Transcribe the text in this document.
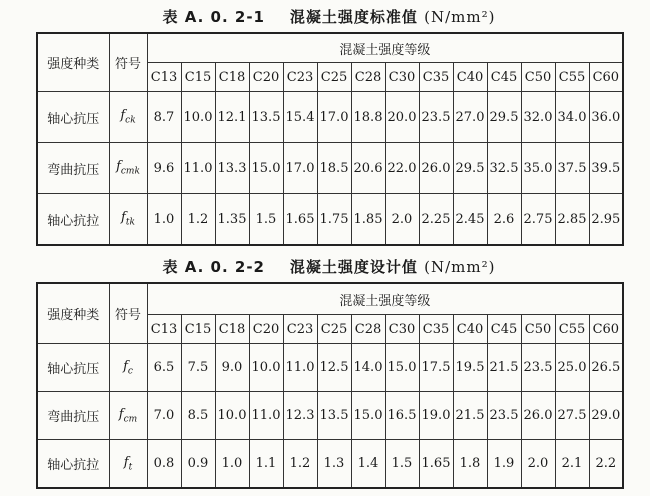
表 A. 0. 2-1 混凝土强度标准值 (N/mm²)
强度种类	符号	混凝土强度等级													
		C13	C15	C18	C20	C23	C25	C28	C30	C35	C40	C45	C50	C55	C60
轴心抗压	$f_{ck}$	8.7	10.0	12.1	13.5	15.4	17.0	18.8	20.0	23.5	27.0	29.5	32.0	34.0	36.0
弯曲抗压	$f_{cmk}$	9.6	11.0	13.3	15.0	17.0	18.5	20.6	22.0	26.0	29.5	32.5	35.0	37.5	39.5
轴心抗拉	$f_{tk}$	1.0	1.2	1.35	1.5	1.65	1.75	1.85	2.0	2.25	2.45	2.6	2.75	2.85	2.95
表 A. 0. 2-2 混凝土强度设计值 (N/mm²)
强度种类	符号	混凝土强度等级													
		C13	C15	C18	C20	C23	C25	C28	C30	C35	C40	C45	C50	C55	C60
轴心抗压	$f_c$	6.5	7.5	9.0	10.0	11.0	12.5	14.0	15.0	17.5	19.5	21.5	23.5	25.0	26.5
弯曲抗压	$f_{cm}$	7.0	8.5	10.0	11.0	12.3	13.5	15.0	16.5	19.0	21.5	23.5	26.0	27.5	29.0
轴心抗拉	$f_t$	0.8	0.9	1.0	1.1	1.2	1.3	1.4	1.5	1.65	1.8	1.9	2.0	2.1	2.2
